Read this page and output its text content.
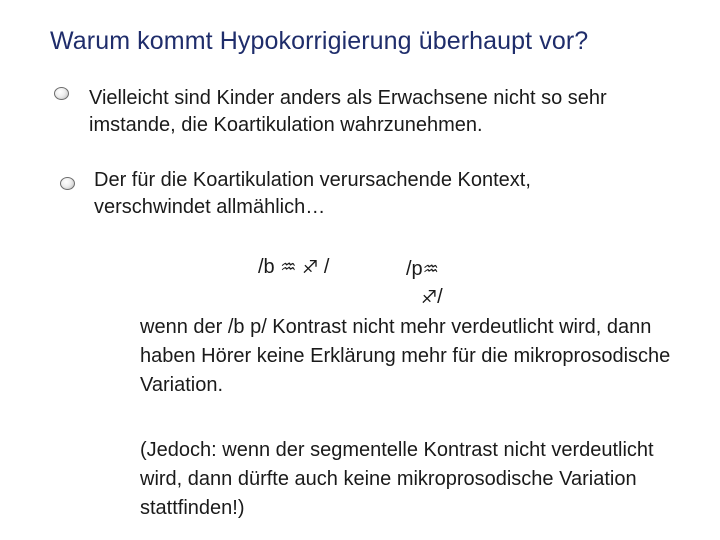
Warum kommt Hypokorrigierung überhaupt vor?
Vielleicht sind Kinder anders als Erwachsene nicht so sehr imstande, die Koartikulation wahrzunehmen.
Der für die Koartikulation verursachende Kontext, verschwindet allmählich…
/b ♒ ♐ /	/p♒
♐/
wenn der /b p/ Kontrast nicht mehr verdeutlicht wird, dann haben Hörer keine Erklärung mehr für die mikroprosodische Variation.
(Jedoch: wenn der segmentelle Kontrast nicht verdeutlicht wird, dann dürfte auch keine mikroprosodische Variation stattfinden!)
